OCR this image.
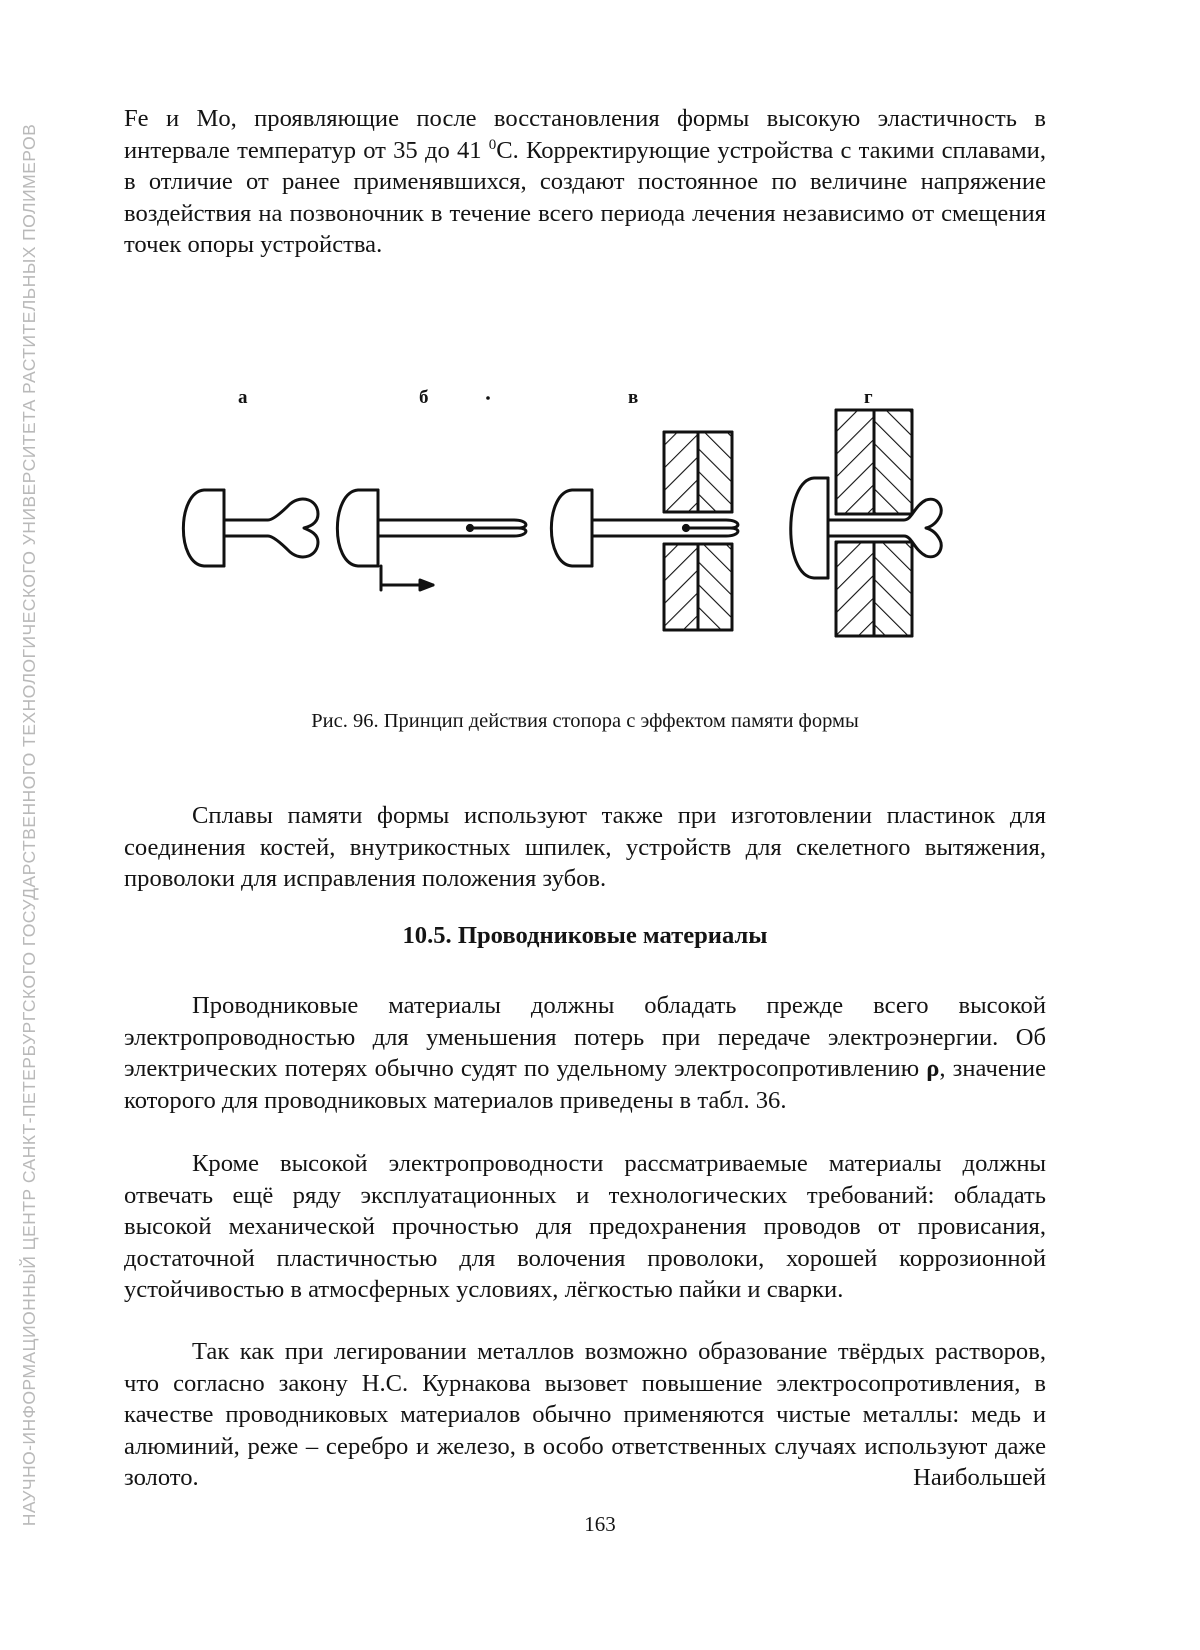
НАУЧНО-ИНФОРМАЦИОННЫЙ ЦЕНТР САНКТ-ПЕТЕРБУРГСКОГО ГОСУДАРСТВЕННОГО ТЕХНОЛОГИЧЕСКОГО УНИВЕРСИТЕТА РАСТИТЕЛЬНЫХ ПОЛИМЕРОВ

Fe и Mo, проявляющие после восстановления формы высокую эластичность в интервале температур от 35 до 41 $^0$С. Корректирующие устройства с такими сплавами, в отличие от ранее применявшихся, создают постоянное по величине напряжение воздействия на позвоночник в течение всего периода лечения независимо от смещения точек опоры устройства.

а	б	в	г

Рис. 96. Принцип действия стопора с эффектом памяти формы

Сплавы памяти формы используют также при изготовлении пластинок для соединения костей, внутрикостных шпилек, устройств для скелетного вытяжения, проволоки для исправления положения зубов.

10.5. Проводниковые материалы

Проводниковые материалы должны обладать прежде всего высокой электропроводностью для уменьшения потерь при передаче электроэнергии. Об электрических потерях обычно судят по удельному электросопротивлению ρ, значение которого для проводниковых материалов приведены в табл. 36.

Кроме высокой электропроводности рассматриваемые материалы должны отвечать ещё ряду эксплуатационных и технологических требований: обладать высокой механической прочностью для предохранения проводов от провисания, достаточной пластичностью для волочения проволоки, хорошей коррозионной устойчивостью в атмосферных условиях, лёгкостью пайки и сварки.

Так как при легировании металлов возможно образование твёрдых растворов, что согласно закону Н.С. Курнакова вызовет повышение электросопротивления, в качестве проводниковых материалов обычно применяются чистые металлы: медь и алюминий, реже – серебро и железо, в особо ответственных случаях используют даже золото. Наибольшей

163
